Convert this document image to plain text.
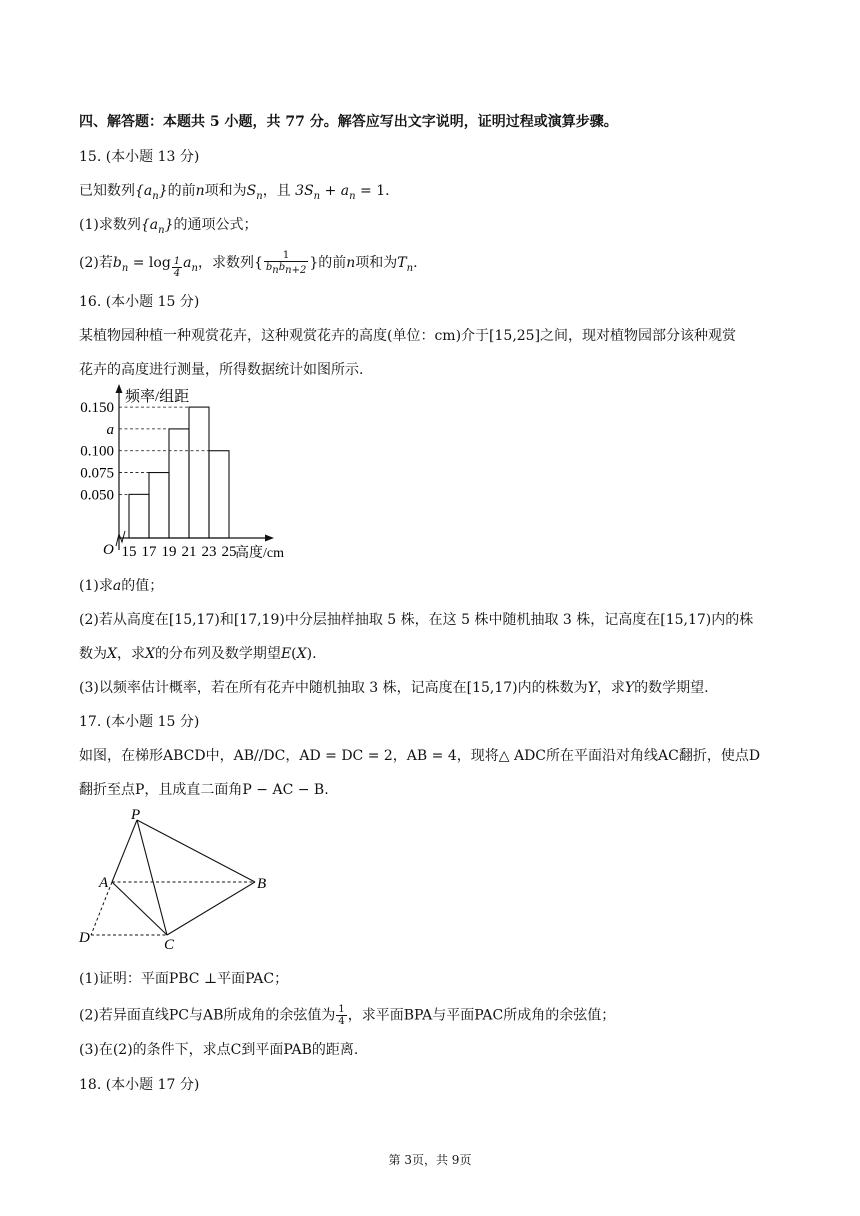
四、解答题：本题共 5 小题，共 77 分。解答应写出文字说明，证明过程或演算步骤。
15. (本小题 13 分)
已知数列$\{a_n\}$的前n项和为$S_n$，且 $3S_n + a_n = 1$.
(1)求数列$\{a_n\}$的通项公式；
(2)若$b_n = \log \frac{1}{4} a_n$，求数列{ $\frac{1}{b_nb_{n+2}}$ }的前n项和为$T_n$.
16. (本小题 15 分)
某植物园种植一种观赏花卉，这种观赏花卉的高度(单位：cm)介于[15,25]之间，现对植物园部分该种观赏
花卉的高度进行测量，所得数据统计如图所示.
频率/组距
O	高度/cm
0.150
a
0.100
0.075
0.050
15 17 19 21 23 25
(1)求a的值；
(2)若从高度在[15,17)和[17,19)中分层抽样抽取 5 株，在这 5 株中随机抽取 3 株，记高度在[15,17)内的株
数为X，求X的分布列及数学期望E(X).
(3)以频率估计概率，若在所有花卉中随机抽取 3 株，记高度在[15,17)内的株数为Y，求Y的数学期望.
17. (本小题 15 分)
如图，在梯形ABCD中，AB//DC，AD = DC = 2，AB = 4，现将△ ADC所在平面沿对角线AC翻折，使点D
翻折至点P，且成直二面角P − AC − B.
P
A	B
C
D
(1)证明：平面PBC ⊥平面PAC；
(2)若异面直线PC与AB所成角的余弦值为 $\frac{1}{4}$ ，求平面BPA与平面PAC所成角的余弦值；
(3)在(2)的条件下，求点C到平面PAB的距离.
18. (本小题 17 分)
第 3页，共 9页
